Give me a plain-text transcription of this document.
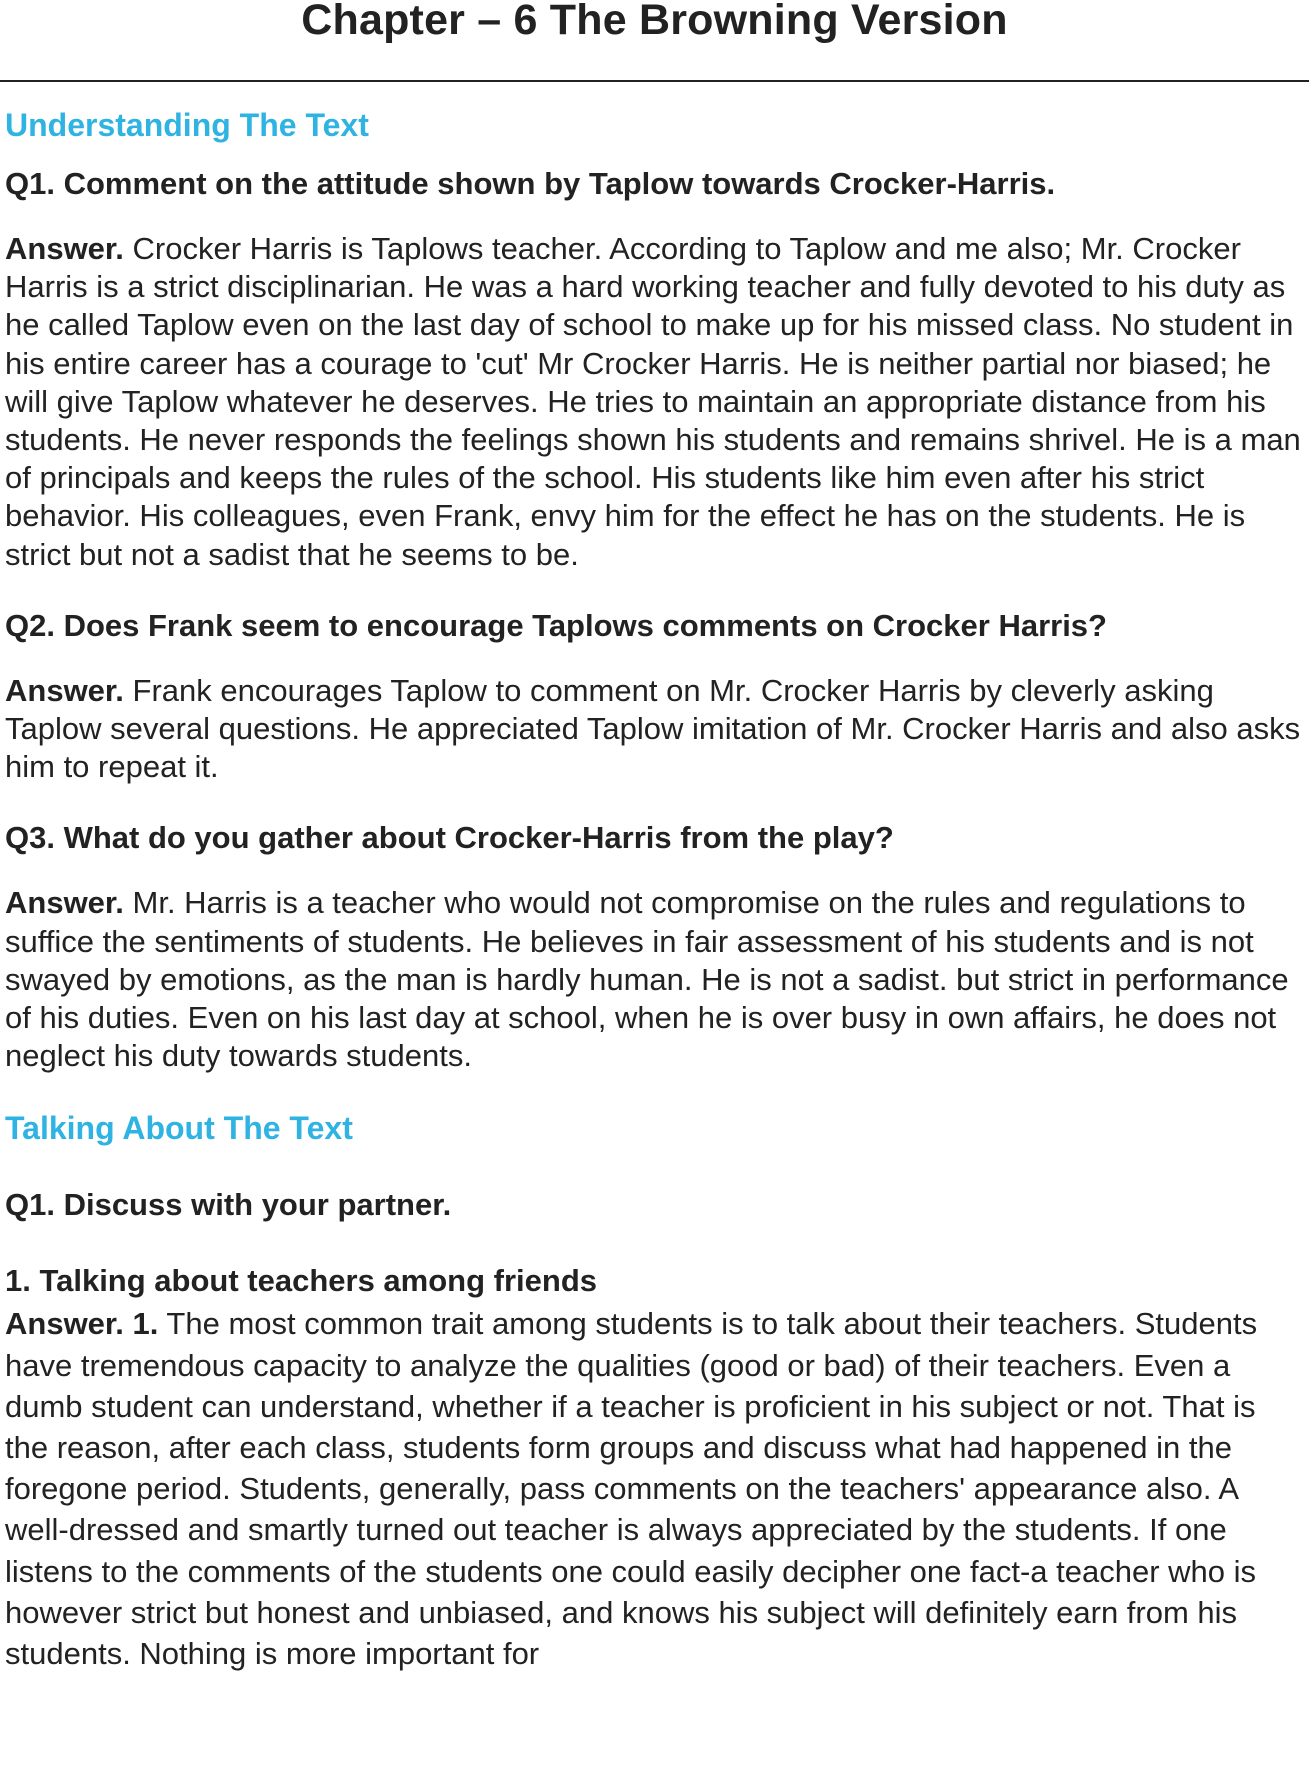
Chapter – 6 The Browning Version

Understanding The Text

Q1. Comment on the attitude shown by Taplow towards Crocker-Harris.

Answer. Crocker Harris is Taplows teacher. According to Taplow and me also; Mr. Crocker Harris is a strict disciplinarian. He was a hard working teacher and fully devoted to his duty as he called Taplow even on the last day of school to make up for his missed class. No student in his entire career has a courage to 'cut' Mr Crocker Harris. He is neither partial nor biased; he will give Taplow whatever he deserves. He tries to maintain an appropriate distance from his students. He never responds the feelings shown his students and remains shrivel. He is a man of principals and keeps the rules of the school. His students like him even after his strict behavior. His colleagues, even Frank, envy him for the effect he has on the students. He is strict but not a sadist that he seems to be.

Q2. Does Frank seem to encourage Taplows comments on Crocker Harris?

Answer. Frank encourages Taplow to comment on Mr. Crocker Harris by cleverly asking Taplow several questions. He appreciated Taplow imitation of Mr. Crocker Harris and also asks him to repeat it.

Q3. What do you gather about Crocker-Harris from the play?

Answer. Mr. Harris is a teacher who would not compromise on the rules and regulations to suffice the sentiments of students. He believes in fair assessment of his students and is not swayed by emotions, as the man is hardly human. He is not a sadist. but strict in performance of his duties. Even on his last day at school, when he is over busy in own affairs, he does not neglect his duty towards students.

Talking About The Text

Q1. Discuss with your partner.

1. Talking about teachers among friends

Answer. 1. The most common trait among students is to talk about their teachers. Students have tremendous capacity to analyze the qualities (good or bad) of their teachers. Even a dumb student can understand, whether if a teacher is proficient in his subject or not. That is the reason, after each class, students form groups and discuss what had happened in the foregone period. Students, generally, pass comments on the teachers' appearance also. A well-dressed and smartly turned out teacher is always appreciated by the students. If one listens to the comments of the students one could easily decipher one fact-a teacher who is however strict but honest and unbiased, and knows his subject will definitely earn from his students. Nothing is more important for
